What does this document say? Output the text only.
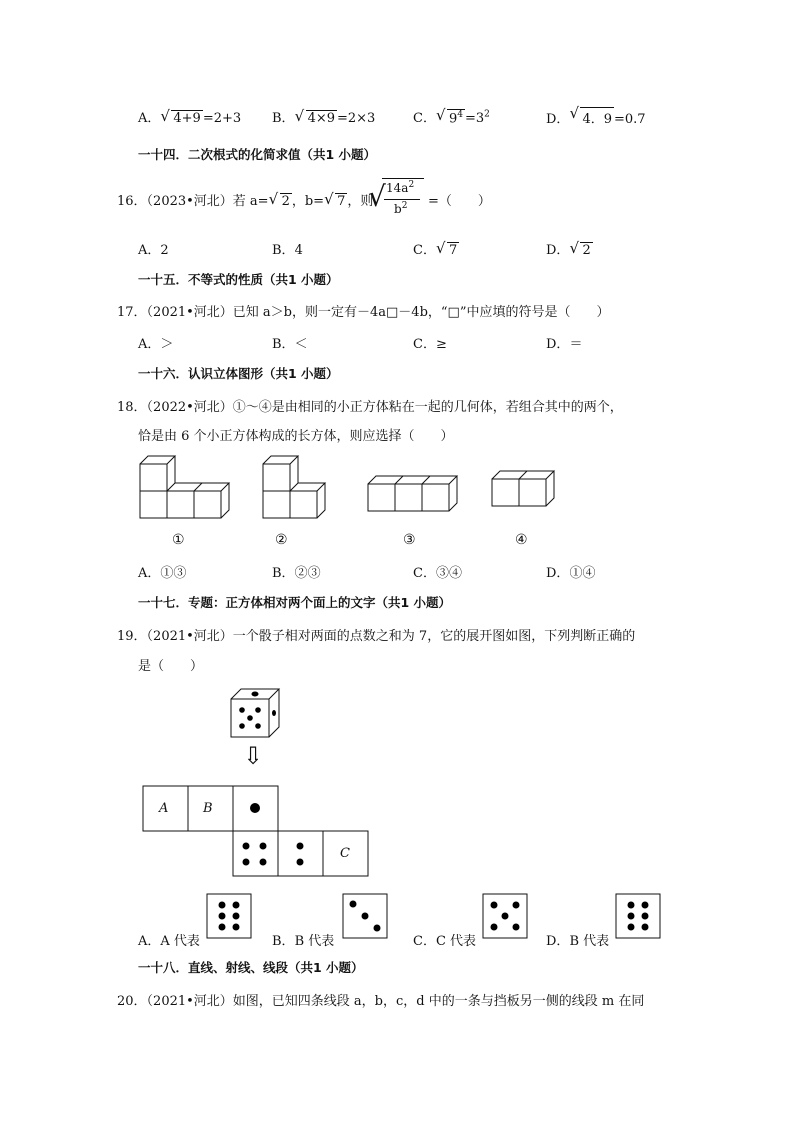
A． √ 4+9 =2+3 B． √ 4×9 =2×3	C． √ $9^4 =3^2$	D． √ 4．9 =0.7
一十四．二次根式的化简求值（共1 小题）
16．（2023•河北）若 a= √ 2 ，b= √ 7 ，则
√ $14a^2$
$b^2$ =（　　）
A．2	B．4	C． √ 7	D． √ 2
一十五．不等式的性质（共1 小题）
17．（2021•河北）已知 a＞b，则一定有－4a□－4b，“□”中应填的符号是（　　）
A．＞	B．＜	C．≥	D．＝
一十六．认识立体图形（共1 小题）
18．（2022•河北）①～④是由相同的小正方体粘在一起的几何体，若组合其中的两个，
恰是由 6 个小正方体构成的长方体，则应选择（　　）
①	②	③	④
A．①③	B．②③	C．③④	D．①④
一十七．专题：正方体相对两个面上的文字（共1 小题）
19．（2021•河北）一个骰子相对两面的点数之和为 7，它的展开图如图，下列判断正确的
是（　　）
⇩
A	B
C
A．A 代表	B．B 代表	C．C 代表	D．B 代表
一十八．直线、射线、线段（共1 小题）
20．（2021•河北）如图，已知四条线段 a，b，c，d 中的一条与挡板另一侧的线段 m 在同
